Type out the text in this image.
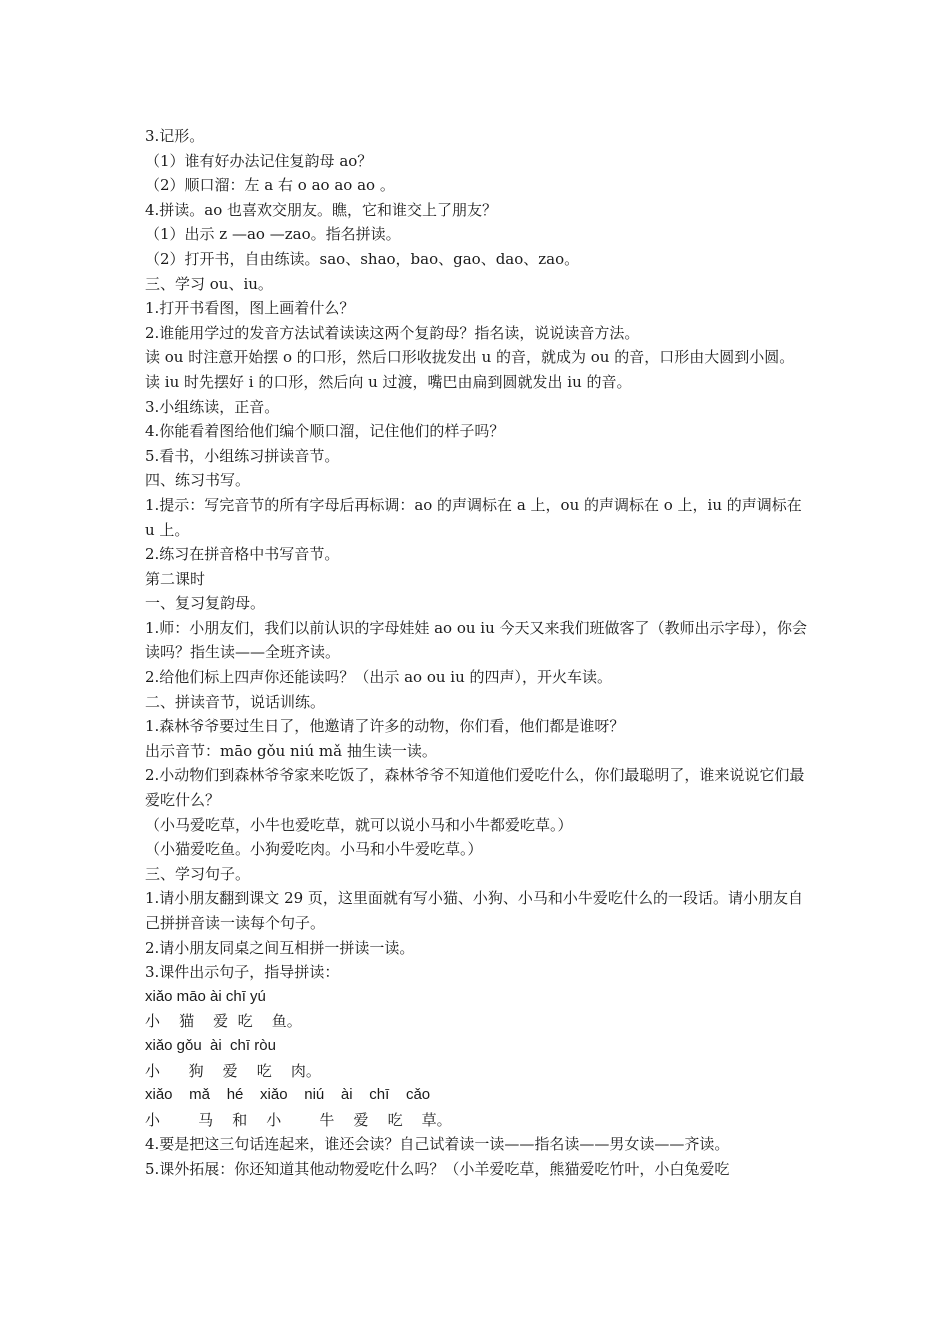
3.记形。
（1）谁有好办法记住复韵母 ao？
（2）顺口溜：左 a 右 o ao ao ao 。
4.拼读。ao 也喜欢交朋友。瞧，它和谁交上了朋友？
（1）出示 z —ao —zao。指名拼读。
（2）打开书，自由练读。sao、shao，bao、gao、dao、zao。
三、学习 ou、iu。
1.打开书看图，图上画着什么？
2.谁能用学过的发音方法试着读读这两个复韵母？指名读，说说读音方法。
读 ou 时注意开始摆 o 的口形，然后口形收拢发出 u 的音，就成为 ou 的音，口形由大圆到小圆。
读 iu 时先摆好 i 的口形，然后向 u 过渡，嘴巴由扁到圆就发出 iu 的音。
3.小组练读，正音。
4.你能看着图给他们编个顺口溜，记住他们的样子吗？
5.看书，小组练习拼读音节。
四、练习书写。
1.提示：写完音节的所有字母后再标调：ao 的声调标在 a 上，ou 的声调标在 o 上，iu 的声调标在 u 上。
2.练习在拼音格中书写音节。
第二课时
一、复习复韵母。
1.师：小朋友们，我们以前认识的字母娃娃 ao ou iu 今天又来我们班做客了（教师出示字母），你会读吗？指生读——全班齐读。
2.给他们标上四声你还能读吗？（出示 ao ou iu 的四声），开火车读。
二、拼读音节，说话训练。
1.森林爷爷要过生日了，他邀请了许多的动物，你们看，他们都是谁呀？
出示音节：māo gǒu niú mǎ 抽生读一读。
2.小动物们到森林爷爷家来吃饭了，森林爷爷不知道他们爱吃什么，你们最聪明了，谁来说说它们最爱吃什么？
（小马爱吃草，小牛也爱吃草，就可以说小马和小牛都爱吃草。）
（小猫爱吃鱼。小狗爱吃肉。小马和小牛爱吃草。）
三、学习句子。
1.请小朋友翻到课文 29 页，这里面就有写小猫、小狗、小马和小牛爱吃什么的一段话。请小朋友自己拼拼音读一读每个句子。
2.请小朋友同桌之间互相拼一拼读一读。
3.课件出示句子，指导拼读：
xiǎo māo ài chī yú
小    猫    爱  吃    鱼。
xiǎo gǒu  ài  chī ròu
小      狗    爱    吃    肉。
xiǎo    mǎ    hé    xiǎo    niú    ài    chī    cǎo
小        马    和    小        牛    爱    吃    草。
4.要是把这三句话连起来，谁还会读？自己试着读一读——指名读——男女读——齐读。
5.课外拓展：你还知道其他动物爱吃什么吗？（小羊爱吃草，熊猫爱吃竹叶，小白兔爱吃
